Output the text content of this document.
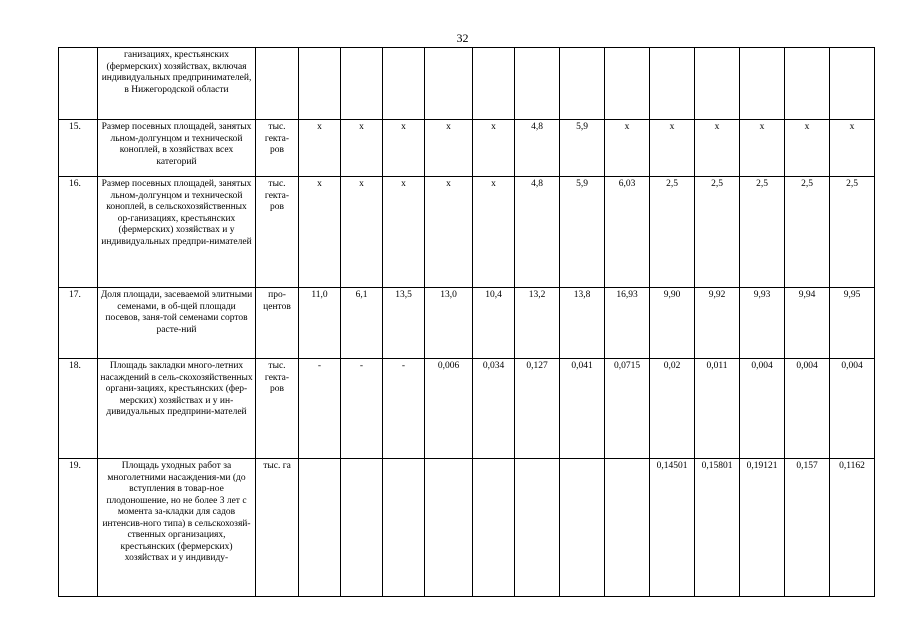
32
	ганизациях, крестьянских (фермерских) хозяйствах, включая индивидуальных предпринимателей, в Нижегородской области														
15.	Размер посевных площадей, занятых льном-долгунцом и технической коноплей, в хозяйствах всех категорий	тыс. гекта-ров	х	х	х	х	х	4,8	5,9	х	х	х	х	х	х
16.	Размер посевных площадей, занятых льном-долгунцом и технической коноплей, в сельскохозяйственных ор-ганизациях, крестьянских (фермерских) хозяйствах и у индивидуальных предпри-нимателей	тыс. гекта-ров	х	х	х	х	х	4,8	5,9	6,03	2,5	2,5	2,5	2,5	2,5
17.	Доля площади, засеваемой элитными семенами, в об-щей площади посевов, заня-той семенами сортов расте-ний	про-центов	11,0	6,1	13,5	13,0	10,4	13,2	13,8	16,93	9,90	9,92	9,93	9,94	9,95
18.	Площадь закладки много-летних насаждений в сель-скохозяйственных органи-зациях, крестьянских (фер-мерских) хозяйствах и у ин-дивидуальных предприни-мателей	тыс. гекта-ров	-	-	-	0,006	0,034	0,127	0,041	0,0715	0,02	0,011	0,004	0,004	0,004
19.	Площадь уходных работ за многолетними насаждения-ми (до вступления в товар-ное плодоношение, но не более 3 лет с момента за-кладки для садов интенсив-ного типа) в сельскохозяй-ственных организациях, крестьянских (фермерских) хозяйствах и у индивиду-	тыс. га									0,14501	0,15801	0,19121	0,157	0,1162
